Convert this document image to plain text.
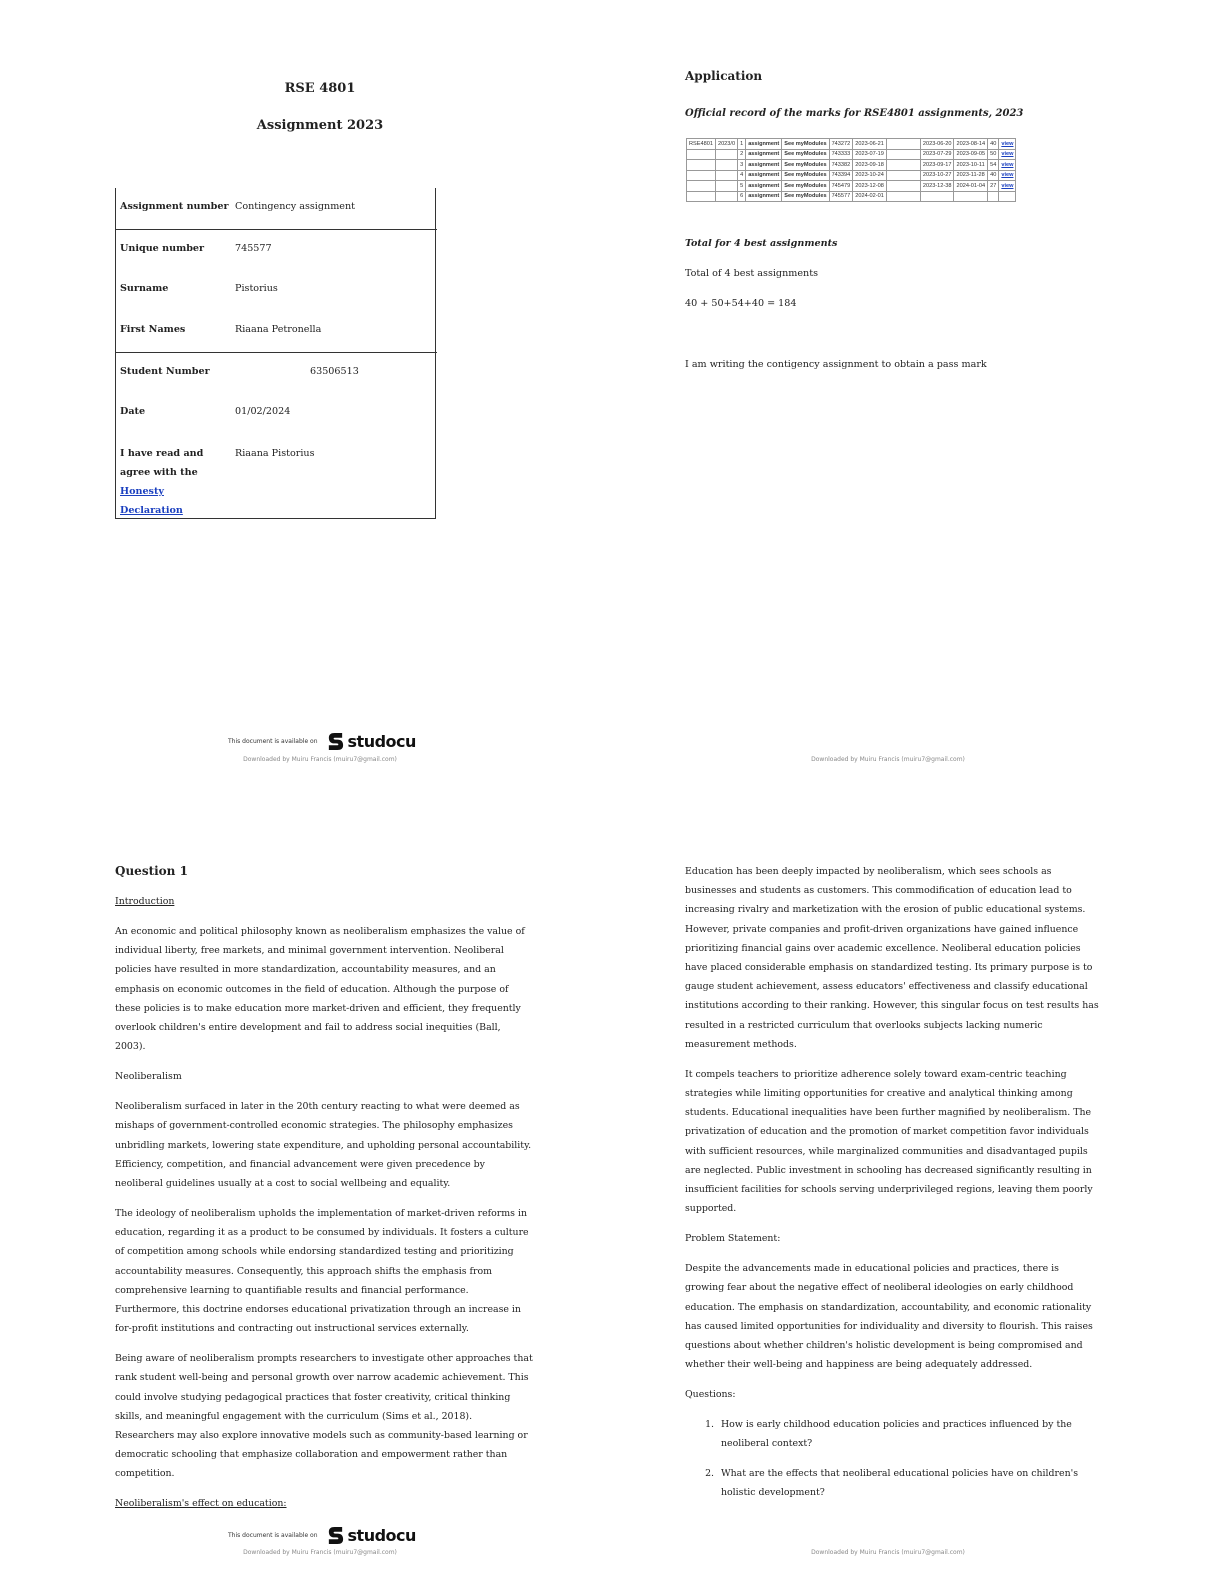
RSE 4801
Assignment 2023
Assignment number	Contingency assignment
Unique number	745577
Surname	Pistorius
First Names	Riaana Petronella
Student Number	63506513
Date	01/02/2024

I have read and
agree with the
Honesty Declaration	Riaana Pistorius
This document is available on studocu
Downloaded by Muiru Francis (muiru7@gmail.com)
Application
Official record of the marks for RSE4801 assignments, 2023
RSE4801	2023/0	1	assignment	See myModules	743272	2023-06-21		2023-06-20	2023-08-14	40	view
		2	assignment	See myModules	743333	2023-07-19		2023-07-29	2023-09-05	50	view
		3	assignment	See myModules	743382	2023-09-18		2023-09-17	2023-10-11	54	view
		4	assignment	See myModules	743394	2023-10-24		2023-10-27	2023-11-28	40	view
		5	assignment	See myModules	745479	2023-12-08		2023-12-38	2024-01-04	27	view
		6	assignment	See myModules	745577	2024-02-01					
Total for 4 best assignments
Total of 4 best assignments
40 + 50+54+40 = 184
I am writing the contigency assignment to obtain a pass mark
Downloaded by Muiru Francis (muiru7@gmail.com)

Question 1

Introduction

An economic and political philosophy known as neoliberalism emphasizes the value of individual liberty, free markets, and minimal government intervention. Neoliberal policies have resulted in more standardization, accountability measures, and an emphasis on economic outcomes in the field of education. Although the purpose of these policies is to make education more market-driven and efficient, they frequently overlook children's entire development and fail to address social inequities (Ball, 2003).

Neoliberalism

Neoliberalism surfaced in later in the 20th century reacting to what were deemed as mishaps of government-controlled economic strategies. The philosophy emphasizes unbridling markets, lowering state expenditure, and upholding personal accountability. Efficiency, competition, and financial advancement were given precedence by neoliberal guidelines usually at a cost to social wellbeing and equality.

The ideology of neoliberalism upholds the implementation of market-driven reforms in education, regarding it as a product to be consumed by individuals. It fosters a culture of competition among schools while endorsing standardized testing and prioritizing accountability measures. Consequently, this approach shifts the emphasis from comprehensive learning to quantifiable results and financial performance. Furthermore, this doctrine endorses educational privatization through an increase in for-profit institutions and contracting out instructional services externally.

Being aware of neoliberalism prompts researchers to investigate other approaches that rank student well-being and personal growth over narrow academic achievement. This could involve studying pedagogical practices that foster creativity, critical thinking skills, and meaningful engagement with the curriculum (Sims et al., 2018). Researchers may also explore innovative models such as community-based learning or democratic schooling that emphasize collaboration and empowerment rather than competition.

Neoliberalism's effect on education:

This document is available on studocu
Downloaded by Muiru Francis (muiru7@gmail.com)

Education has been deeply impacted by neoliberalism, which sees schools as businesses and students as customers. This commodification of education lead to increasing rivalry and marketization with the erosion of public educational systems. However, private companies and profit-driven organizations have gained influence prioritizing financial gains over academic excellence. Neoliberal education policies have placed considerable emphasis on standardized testing. Its primary purpose is to gauge student achievement, assess educators' effectiveness and classify educational institutions according to their ranking. However, this singular focus on test results has resulted in a restricted curriculum that overlooks subjects lacking numeric measurement methods.

It compels teachers to prioritize adherence solely toward exam-centric teaching strategies while limiting opportunities for creative and analytical thinking among students. Educational inequalities have been further magnified by neoliberalism. The privatization of education and the promotion of market competition favor individuals with sufficient resources, while marginalized communities and disadvantaged pupils are neglected. Public investment in schooling has decreased significantly resulting in insufficient facilities for schools serving underprivileged regions, leaving them poorly supported.

Problem Statement:

Despite the advancements made in educational policies and practices, there is growing fear about the negative effect of neoliberal ideologies on early childhood education. The emphasis on standardization, accountability, and economic rationality has caused limited opportunities for individuality and diversity to flourish. This raises questions about whether children's holistic development is being compromised and whether their well-being and happiness are being adequately addressed.

Questions:

1. How is early childhood education policies and practices influenced by the neoliberal context?
2. What are the effects that neoliberal educational policies have on children's holistic development?
Downloaded by Muiru Francis (muiru7@gmail.com)
